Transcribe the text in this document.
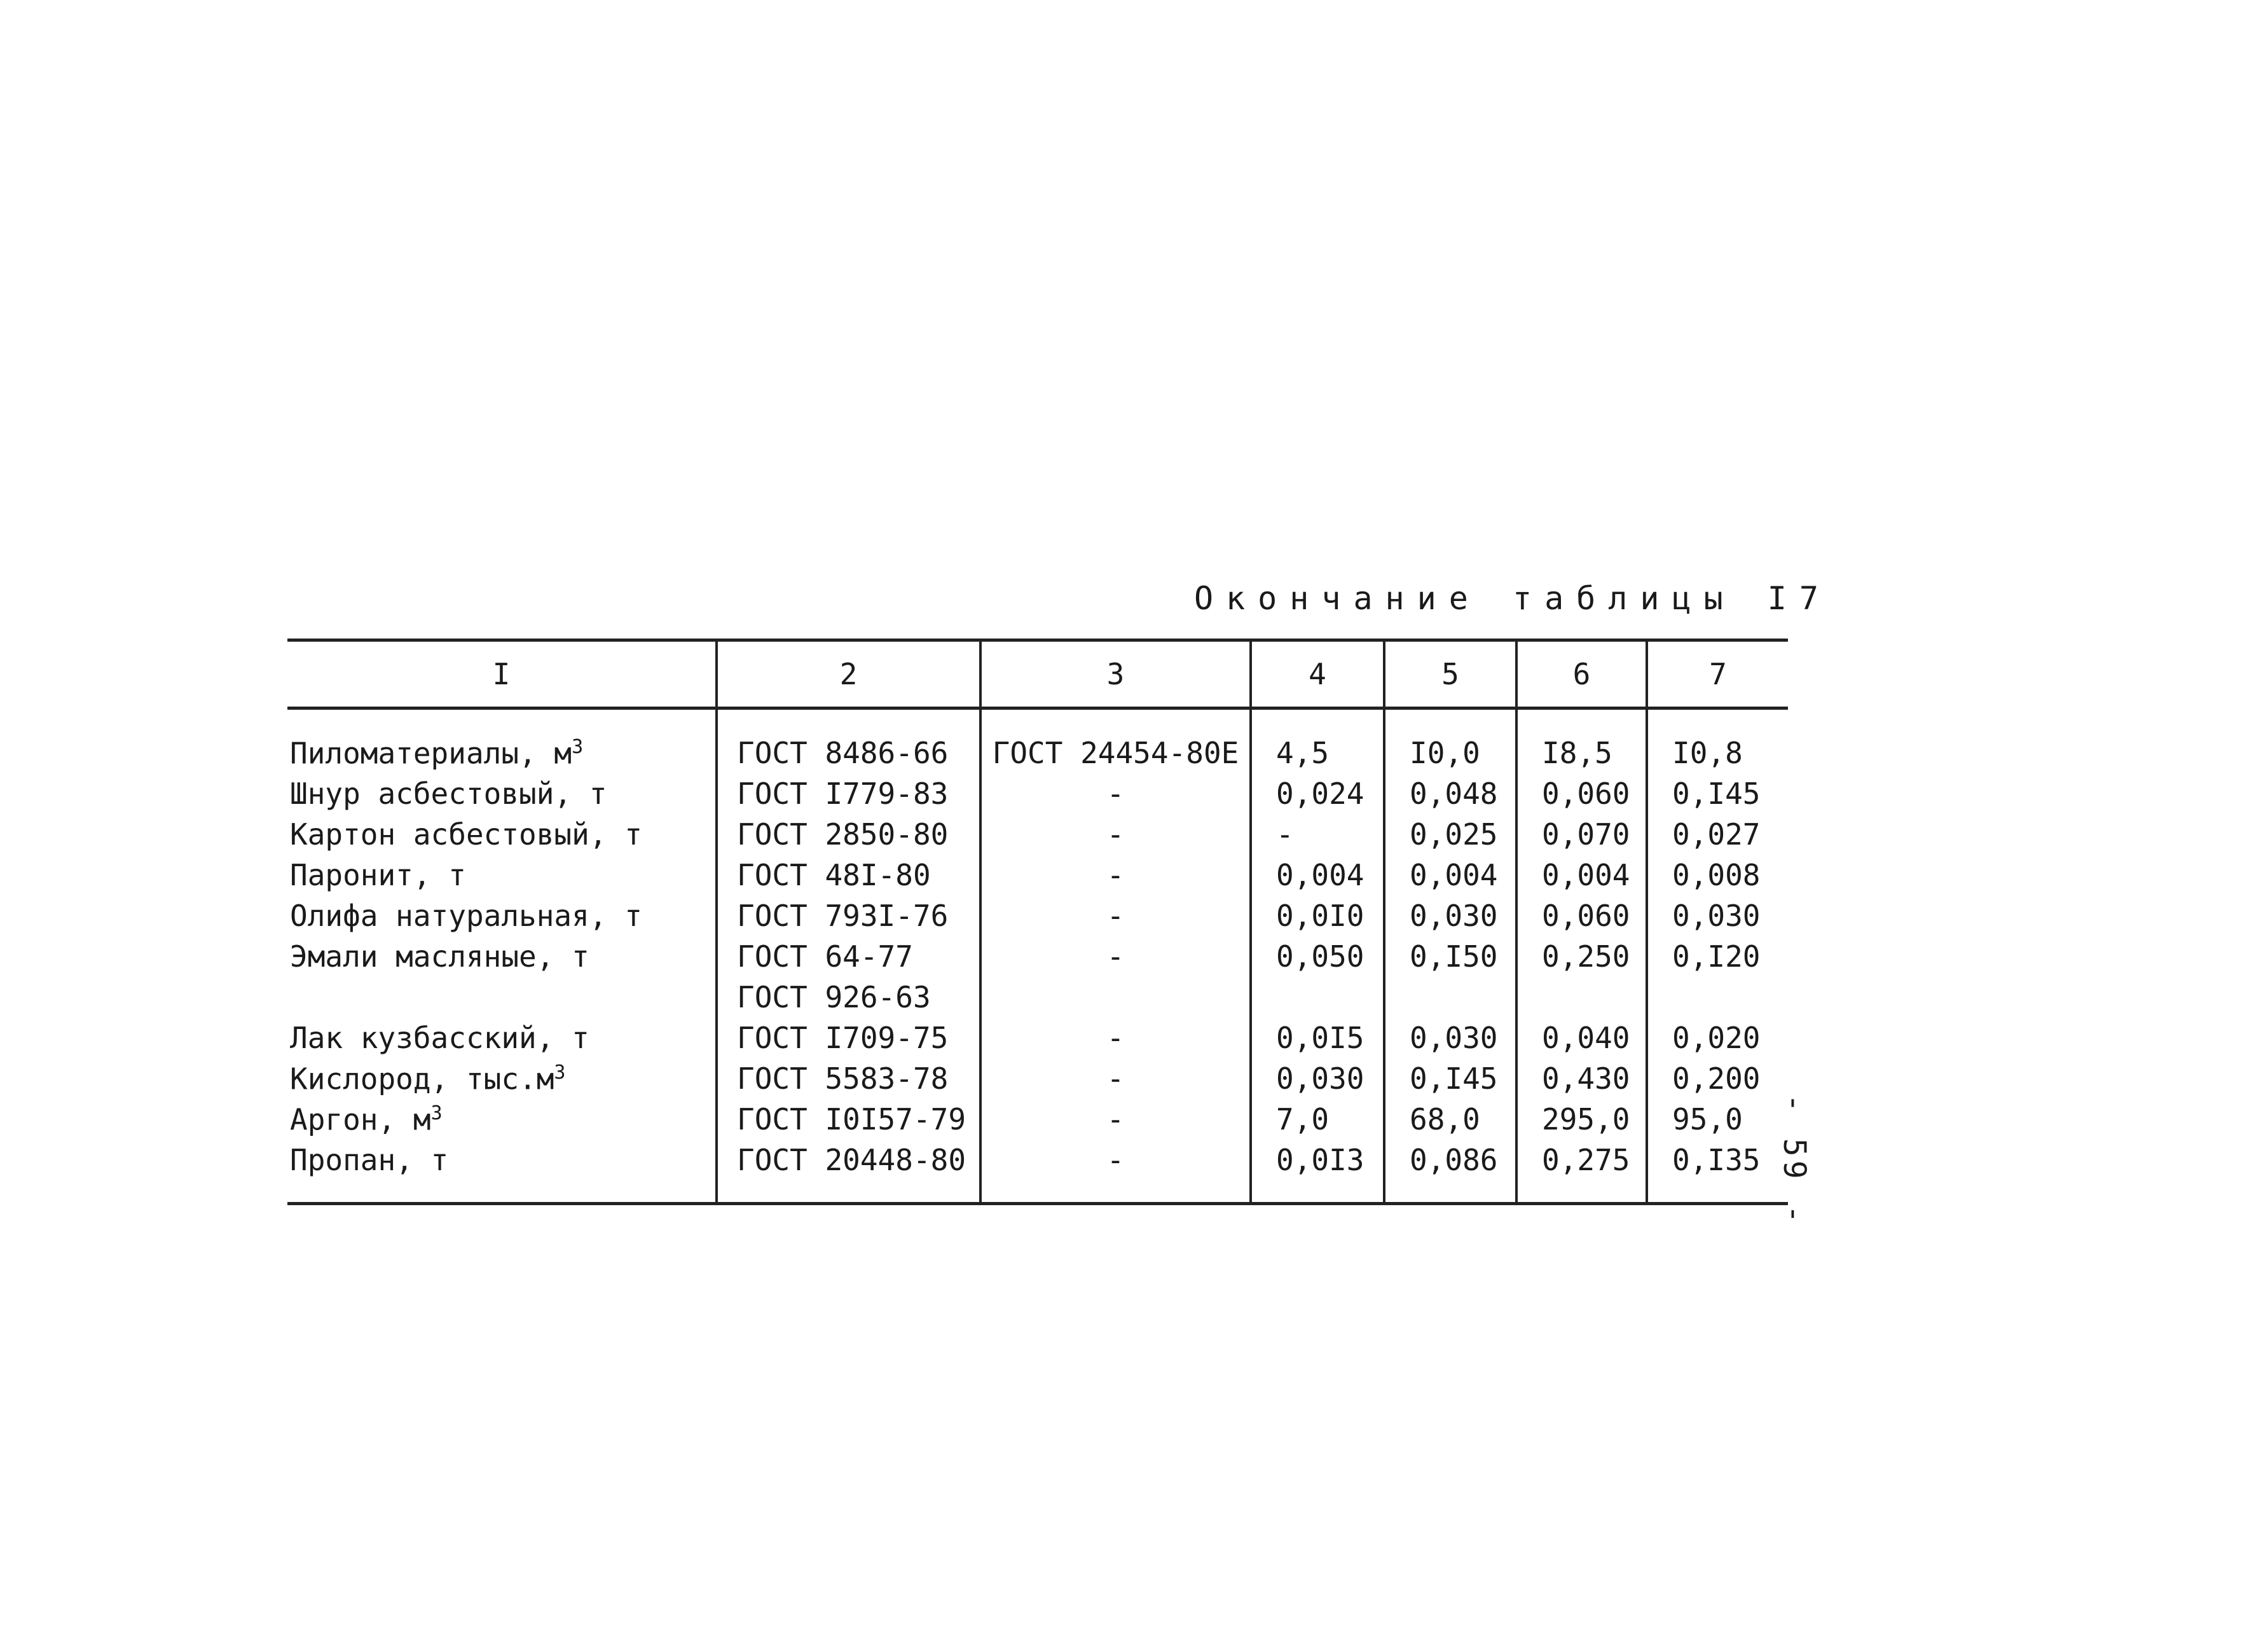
Окончание таблицы I7
I	2	3	4	5	6	7
Пиломатериалы, $м^3$	ГОСТ 8486-66	ГОСТ 24454-80Е	4,5	I0,0	I8,5	I0,8
Шнур асбестовый, т	ГОСТ I779-83	-	0,024	0,048	0,060	0,I45
Картон асбестовый, т	ГОСТ 2850-80	-	-	0,025	0,070	0,027
Паронит, т	ГОСТ 48I-80	-	0,004	0,004	0,004	0,008
Олифа натуральная, т	ГОСТ 793I-76	-	0,0I0	0,030	0,060	0,030
Эмали масляные, т	ГОСТ 64-77	-	0,050	0,I50	0,250	0,I20
	ГОСТ 926-63					
Лак кузбасский, т	ГОСТ I709-75	-	0,0I5	0,030	0,040	0,020
Кислород, $тыс.м^3$	ГОСТ 5583-78	-	0,030	0,I45	0,430	0,200
Аргон, $м^3$	ГОСТ I0I57-79	-	7,0	68,0	295,0	95,0
Пропан, т	ГОСТ 20448-80	-	0,0I3	0,086	0,275	0,I35 - 59 -
